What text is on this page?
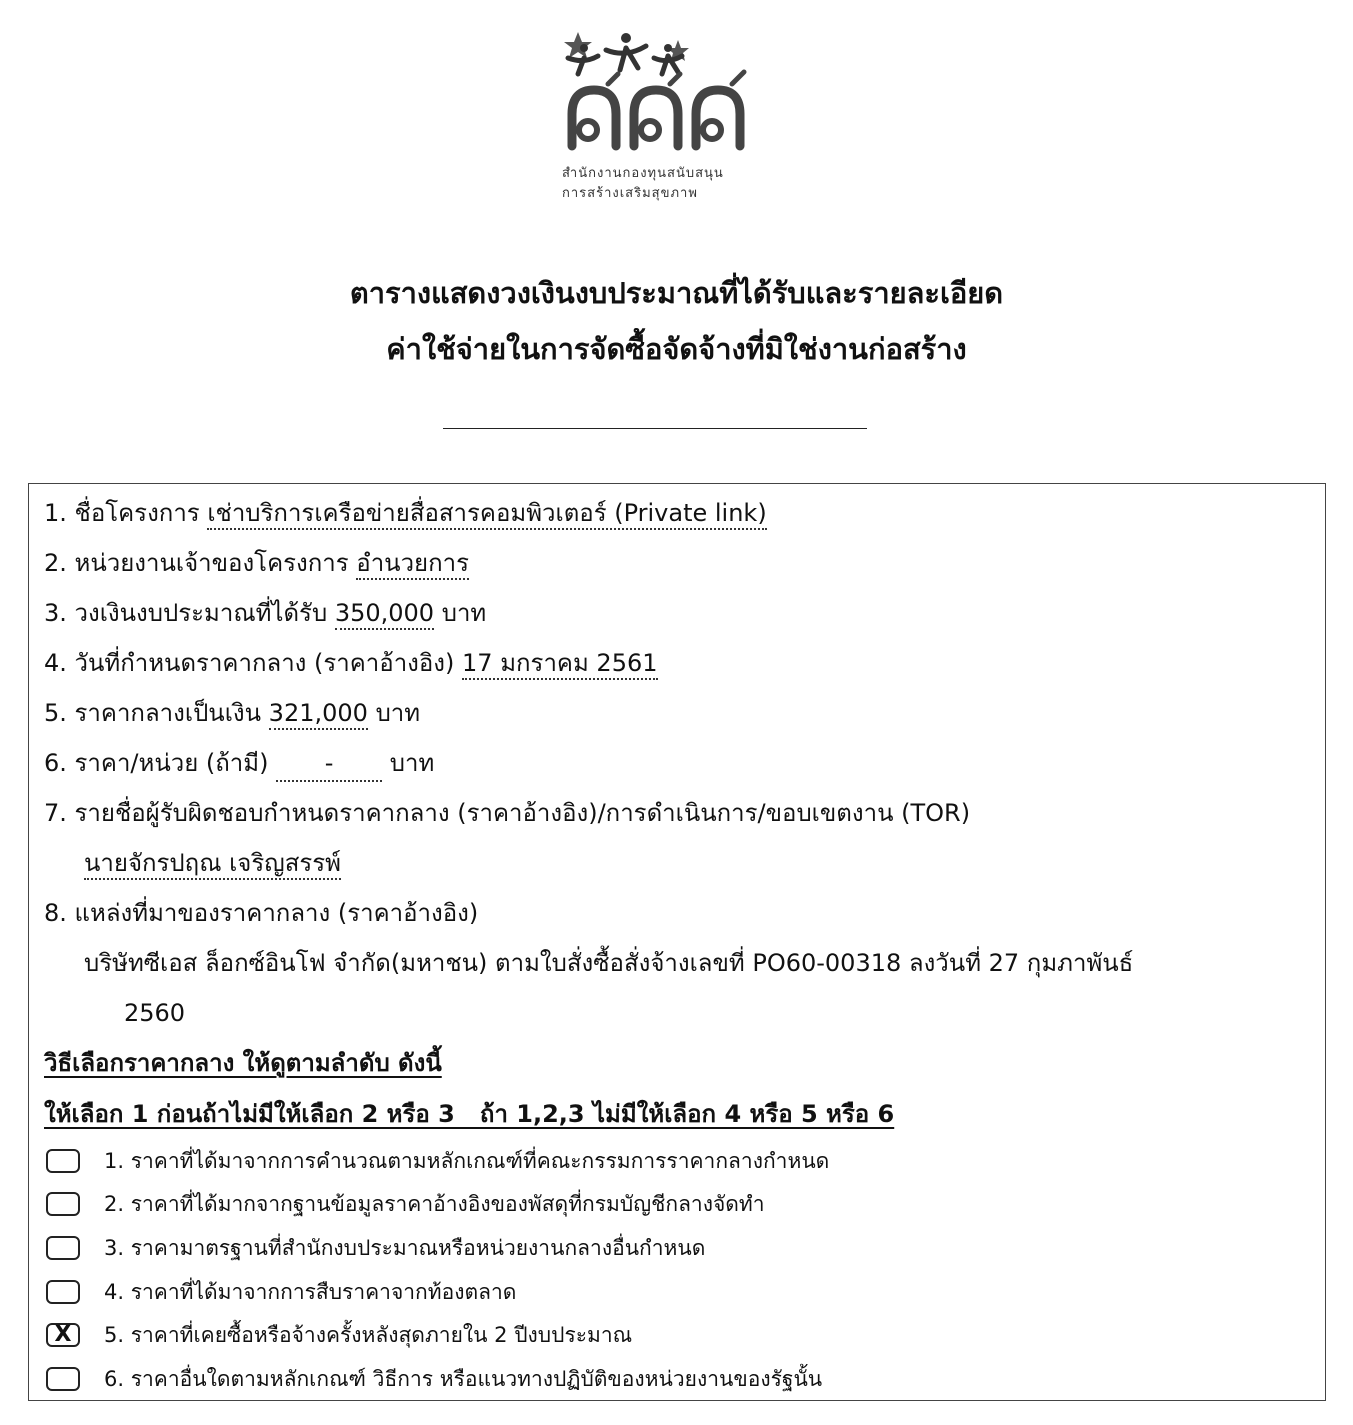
สำนักงานกองทุนสนับสนุน
การสร้างเสริมสุขภาพ
ตารางแสดงวงเงินงบประมาณที่ได้รับและรายละเอียด
ค่าใช้จ่ายในการจัดซื้อจัดจ้างที่มิใช่งานก่อสร้าง
1. ชื่อโครงการ เช่าบริการเครือข่ายสื่อสารคอมพิวเตอร์ (Private link)
2. หน่วยงานเจ้าของโครงการ อำนวยการ
3. วงเงินงบประมาณที่ได้รับ 350,000 บาท
4. วันที่กำหนดราคากลาง (ราคาอ้างอิง) 17 มกราคม 2561
5. ราคากลางเป็นเงิน 321,000 บาท
6. ราคา/หน่วย (ถ้ามี) - บาท
7. รายชื่อผู้รับผิดชอบกำหนดราคากลาง (ราคาอ้างอิง)/การดำเนินการ/ขอบเขตงาน (TOR)
นายจักรปฤณ เจริญสรรพ์
8. แหล่งที่มาของราคากลาง (ราคาอ้างอิง)
บริษัทซีเอส ล็อกซ์อินโฟ จำกัด(มหาชน) ตามใบสั่งซื้อสั่งจ้างเลขที่ PO60-00318 ลงวันที่ 27 กุมภาพันธ์
2560
วิธีเลือกราคากลาง ให้ดูตามลำดับ ดังนี้
ให้เลือก 1 ก่อนถ้าไม่มีให้เลือก 2 หรือ 3   ถ้า 1,2,3 ไม่มีให้เลือก 4 หรือ 5 หรือ 6
1. ราคาที่ได้มาจากการคำนวณตามหลักเกณฑ์ที่คณะกรรมการราคากลางกำหนด
2. ราคาที่ได้มากจากฐานข้อมูลราคาอ้างอิงของพัสดุที่กรมบัญชีกลางจัดทำ
3. ราคามาตรฐานที่สำนักงบประมาณหรือหน่วยงานกลางอื่นกำหนด
4. ราคาที่ได้มาจากการสืบราคาจากท้องตลาด
X	5. ราคาที่เคยซื้อหรือจ้างครั้งหลังสุดภายใน 2 ปีงบประมาณ
6. ราคาอื่นใดตามหลักเกณฑ์ วิธีการ หรือแนวทางปฏิบัติของหน่วยงานของรัฐนั้น
